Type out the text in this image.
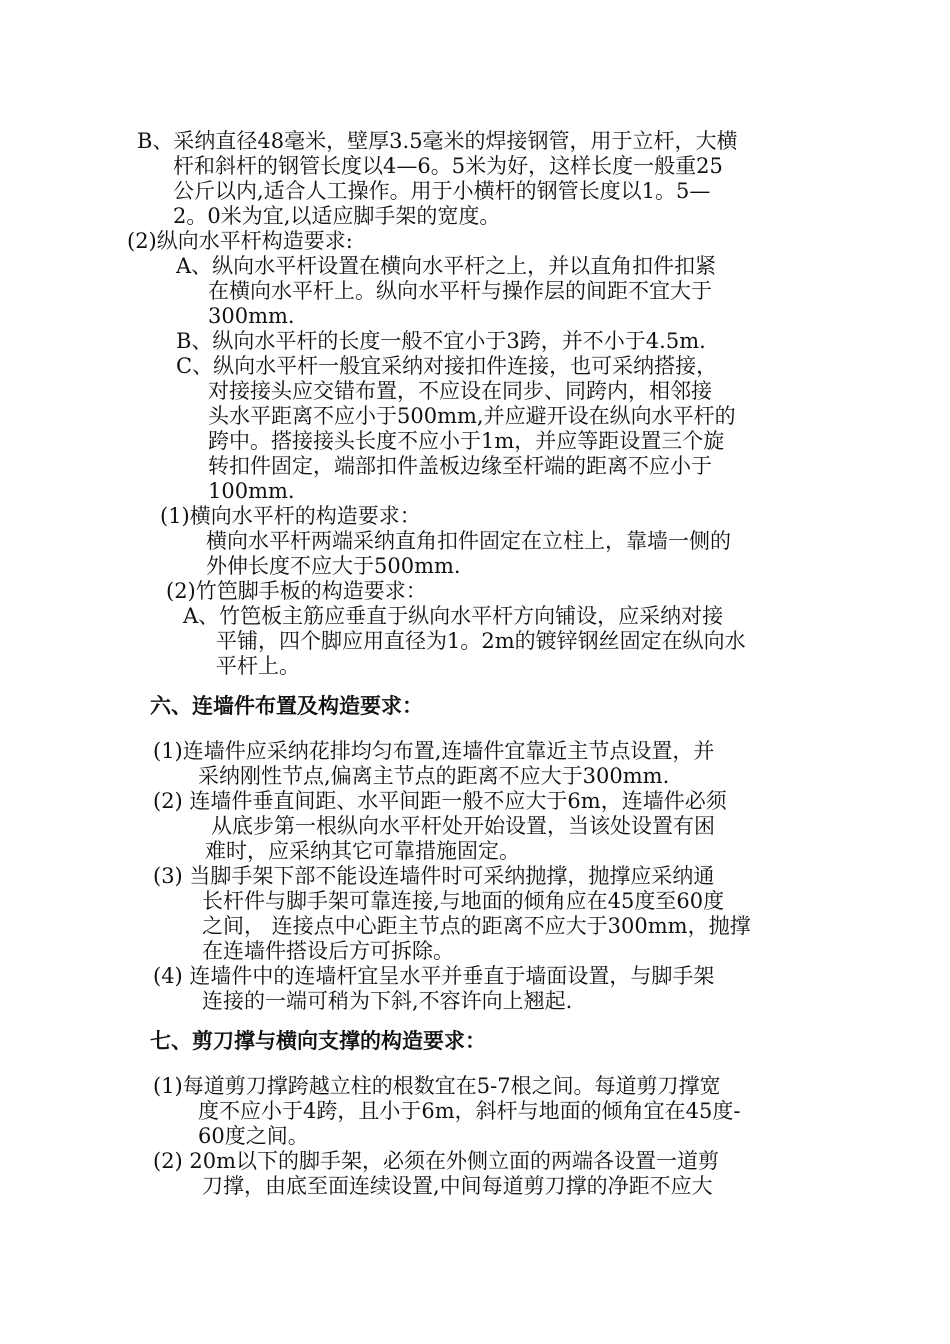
B、采纳直径48毫米，壁厚3.5毫米的焊接钢管，用于立杆，大横
杆和斜杆的钢管长度以4—6。5米为好，这样长度一般重25
公斤以内,适合人工操作。用于小横杆的钢管长度以1。5—
2。0米为宜,以适应脚手架的宽度。
(2)纵向水平杆构造要求:
A、纵向水平杆设置在横向水平杆之上，并以直角扣件扣紧
在横向水平杆上。纵向水平杆与操作层的间距不宜大于
300mm.
B、纵向水平杆的长度一般不宜小于3跨，并不小于4.5m.
C、纵向水平杆一般宜采纳对接扣件连接，也可采纳搭接，
对接接头应交错布置，不应设在同步、同跨内，相邻接
头水平距离不应小于500mm,并应避开设在纵向水平杆的
跨中。搭接接头长度不应小于1m，并应等距设置三个旋
转扣件固定，端部扣件盖板边缘至杆端的距离不应小于
100mm.
(1)横向水平杆的构造要求：
横向水平杆两端采纳直角扣件固定在立柱上，靠墙一侧的
外伸长度不应大于500mm.
(2)竹笆脚手板的构造要求：
A、竹笆板主筋应垂直于纵向水平杆方向铺设，应采纳对接
平铺，四个脚应用直径为1。2m的镀锌钢丝固定在纵向水
平杆上。
六、连墙件布置及构造要求：
(1)连墙件应采纳花排均匀布置,连墙件宜靠近主节点设置，并
采纳刚性节点,偏离主节点的距离不应大于300mm.
(2) 连墙件垂直间距、水平间距一般不应大于6m，连墙件必须
从底步第一根纵向水平杆处开始设置，当该处设置有困
难时，应采纳其它可靠措施固定。
(3) 当脚手架下部不能设连墙件时可采纳抛撑，抛撑应采纳通
长杆件与脚手架可靠连接,与地面的倾角应在45度至60度
之间， 连接点中心距主节点的距离不应大于300mm，抛撑
在连墙件搭设后方可拆除。
(4) 连墙件中的连墙杆宜呈水平并垂直于墙面设置，与脚手架
连接的一端可稍为下斜,不容许向上翘起.
七、剪刀撑与横向支撑的构造要求：
(1)每道剪刀撑跨越立柱的根数宜在5-7根之间。每道剪刀撑宽
度不应小于4跨，且小于6m，斜杆与地面的倾角宜在45度-
60度之间。
(2) 20m以下的脚手架，必须在外侧立面的两端各设置一道剪
刀撑，由底至面连续设置,中间每道剪刀撑的净距不应大
